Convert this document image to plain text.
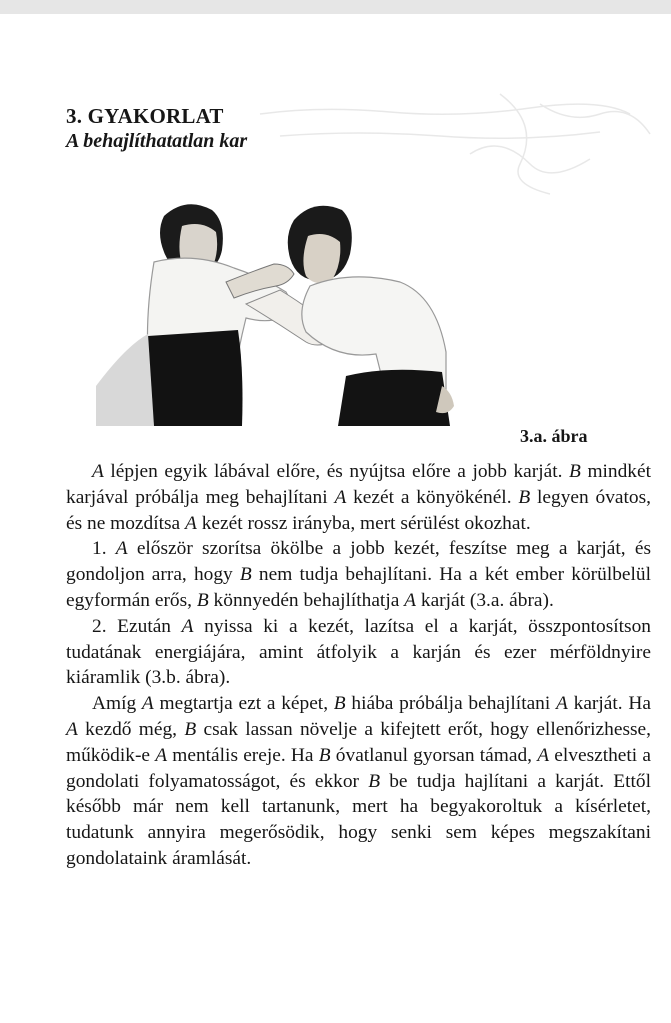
3. GYAKORLAT
A behajlíthatatlan kar
3.a. ábra

A lépjen egyik lábával előre, és nyújtsa előre a jobb karját. B mindkét karjával próbálja meg behajlítani A kezét a könyökénél. B legyen óvatos, és ne mozdítsa A kezét rossz irányba, mert sérülést okozhat.

1. A először szorítsa ökölbe a jobb kezét, feszítse meg a karját, és gondoljon arra, hogy B nem tudja behajlítani. Ha a két ember körülbelül egyformán erős, B könnyedén behajlíthatja A karját (3.a. ábra).

2. Ezután A nyissa ki a kezét, lazítsa el a karját, összpontosítson tudatának energiájára, amint átfolyik a karján és ezer mérföldnyire kiáramlik (3.b. ábra).

Amíg A megtartja ezt a képet, B hiába próbálja behajlítani A karját. Ha A kezdő még, B csak lassan növelje a kifejtett erőt, hogy ellenőrizhesse, működik-e A mentális ereje. Ha B óvatlanul gyorsan támad, A elvesztheti a gondolati folyamatosságot, és ekkor B be tudja hajlítani a karját. Ettől később már nem kell tartanunk, mert ha begyakoroltuk a kísérletet, tudatunk annyira megerősödik, hogy senki sem képes megszakítani gondolataink áramlását.
